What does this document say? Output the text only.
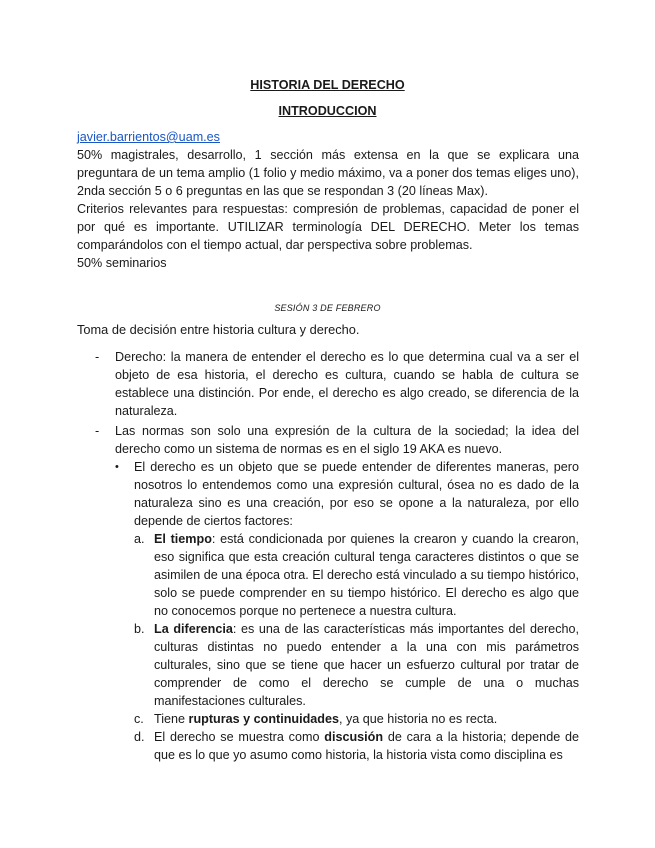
HISTORIA DEL DERECHO
INTRODUCCION

javier.barrientos@uam.es

50% magistrales, desarrollo, 1 sección más extensa en la que se explicara una preguntara de un tema amplio (1 folio y medio máximo, va a poner dos temas eliges uno), 2nda sección 5 o 6 preguntas en las que se respondan 3 (20 líneas Max).

Criterios relevantes para respuestas: compresión de problemas, capacidad de poner el por qué es importante. UTILIZAR terminología DEL DERECHO. Meter los temas comparándolos con el tiempo actual, dar perspectiva sobre problemas.

50% seminarios

SESIÓN 3 DE FEBRERO
Toma de decisión entre historia cultura y derecho.
- Derecho: la manera de entender el derecho es lo que determina cual va a ser el objeto de esa historia, el derecho es cultura, cuando se habla de cultura se establece una distinción. Por ende, el derecho es algo creado, se diferencia de la naturaleza.
- Las normas son solo una expresión de la cultura de la sociedad; la idea del derecho como un sistema de normas es en el siglo 19 AKA es nuevo.
• El derecho es un objeto que se puede entender de diferentes maneras, pero nosotros lo entendemos como una expresión cultural, ósea no es dado de la naturaleza sino es una creación, por eso se opone a la naturaleza, por ello depende de ciertos factores:
a. El tiempo: está condicionada por quienes la crearon y cuando la crearon, eso significa que esta creación cultural tenga caracteres distintos o que se asimilen de una época otra. El derecho está vinculado a su tiempo histórico, solo se puede comprender en su tiempo histórico. El derecho es algo que no conocemos porque no pertenece a nuestra cultura.
b. La diferencia: es una de las características más importantes del derecho, culturas distintas no puedo entender a la una con mis parámetros culturales, sino que se tiene que hacer un esfuerzo cultural por tratar de comprender de como el derecho se cumple de una o muchas manifestaciones culturales.
c. Tiene rupturas y continuidades, ya que historia no es recta.
d. El derecho se muestra como discusión de cara a la historia; depende de que es lo que yo asumo como historia, la historia vista como disciplina es
